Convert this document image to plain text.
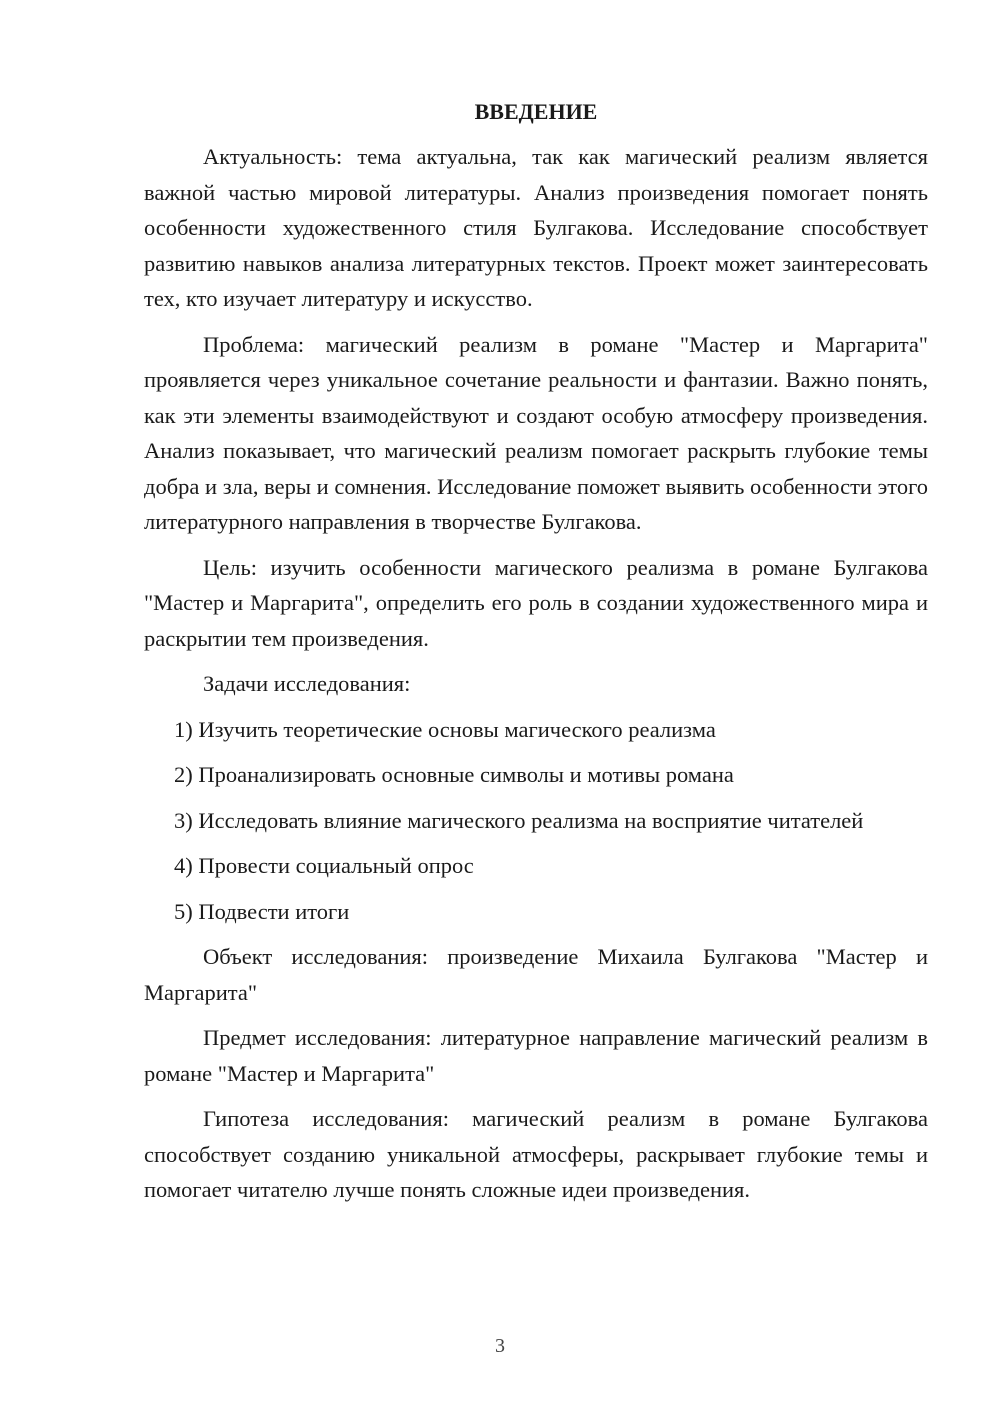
ВВЕДЕНИЕ

Актуальность: тема актуальна, так как магический реализм является важной частью мировой литературы. Анализ произведения помогает понять особенности художественного стиля Булгакова. Исследование способствует развитию навыков анализа литературных текстов. Проект может заинтересовать тех, кто изучает литературу и искусство.

Проблема: магический реализм в романе "Мастер и Маргарита" проявляется через уникальное сочетание реальности и фантазии. Важно понять, как эти элементы взаимодействуют и создают особую атмосферу произведения. Анализ показывает, что магический реализм помогает раскрыть глубокие темы добра и зла, веры и сомнения. Исследование поможет выявить особенности этого литературного направления в творчестве Булгакова.

Цель: изучить особенности магического реализма в романе Булгакова "Мастер и Маргарита", определить его роль в создании художественного мира и раскрытии тем произведения.

Задачи исследования:

1) Изучить теоретические основы магического реализма

2) Проанализировать основные символы и мотивы романа

3) Исследовать влияние магического реализма на восприятие читателей

4) Провести социальный опрос

5) Подвести итоги

Объект исследования: произведение Михаила Булгакова "Мастер и Маргарита"

Предмет исследования: литературное направление магический реализм в романе "Мастер и Маргарита"

Гипотеза исследования: магический реализм в романе Булгакова способствует созданию уникальной атмосферы, раскрывает глубокие темы и помогает читателю лучше понять сложные идеи произведения.

3
